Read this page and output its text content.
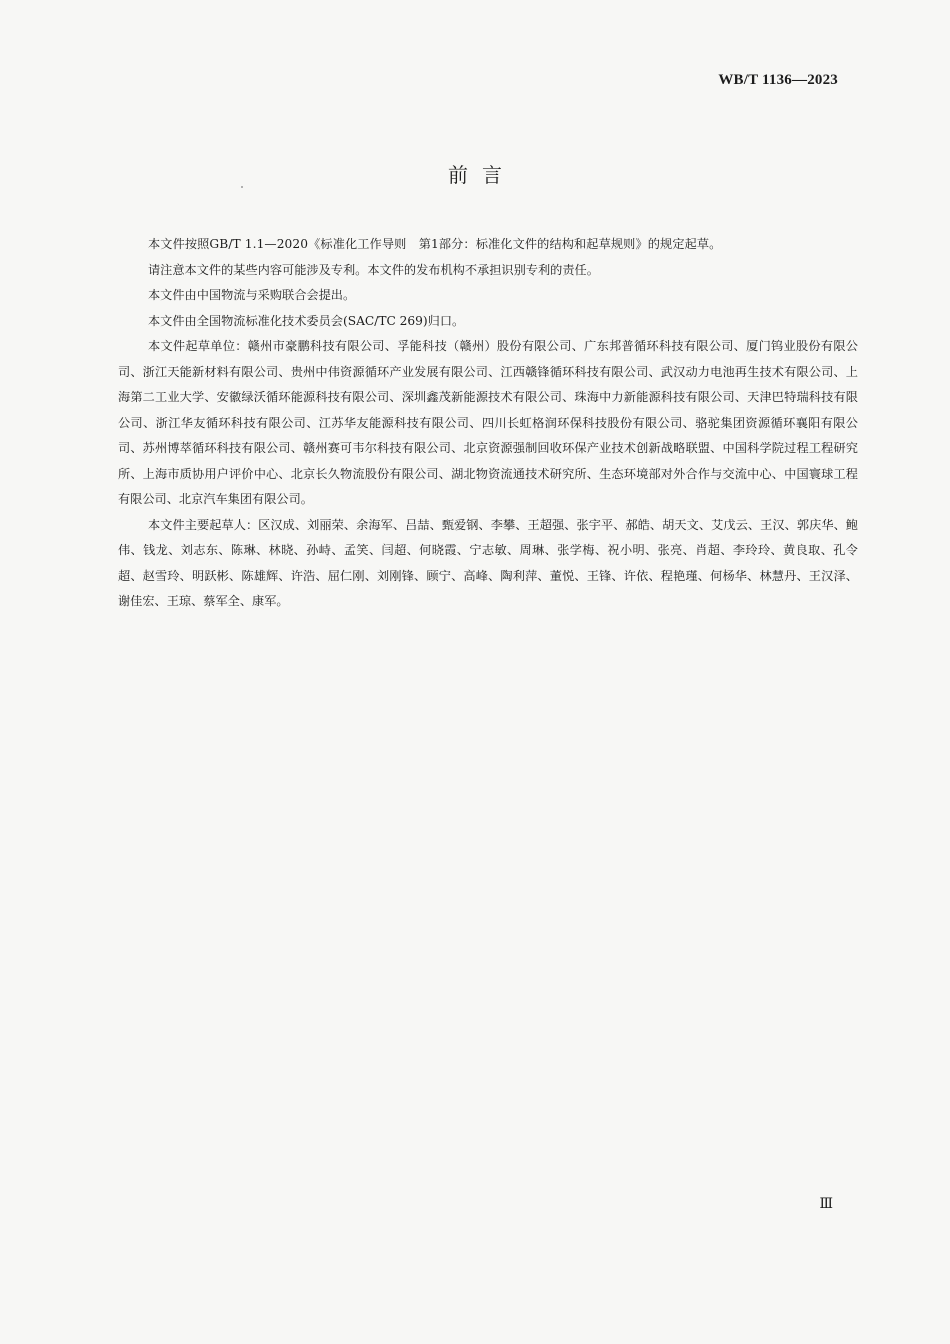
WB/T 1136—2023
前言

本文件按照GB/T 1.1—2020《标准化工作导则　第1部分：标准化文件的结构和起草规则》的规定起草。

请注意本文件的某些内容可能涉及专利。本文件的发布机构不承担识别专利的责任。

本文件由中国物流与采购联合会提出。

本文件由全国物流标准化技术委员会(SAC/TC 269)归口。

本文件起草单位：赣州市豪鹏科技有限公司、孚能科技（赣州）股份有限公司、广东邦普循环科技有限公司、厦门钨业股份有限公司、浙江天能新材料有限公司、贵州中伟资源循环产业发展有限公司、江西赣锋循环科技有限公司、武汉动力电池再生技术有限公司、上海第二工业大学、安徽绿沃循环能源科技有限公司、深圳鑫茂新能源技术有限公司、珠海中力新能源科技有限公司、天津巴特瑞科技有限公司、浙江华友循环科技有限公司、江苏华友能源科技有限公司、四川长虹格润环保科技股份有限公司、骆驼集团资源循环襄阳有限公司、苏州博萃循环科技有限公司、赣州赛可韦尔科技有限公司、北京资源强制回收环保产业技术创新战略联盟、中国科学院过程工程研究所、上海市质协用户评价中心、北京长久物流股份有限公司、湖北物资流通技术研究所、生态环境部对外合作与交流中心、中国寰球工程有限公司、北京汽车集团有限公司。

本文件主要起草人：区汉成、刘丽荣、余海军、吕喆、甄爱钢、李攀、王超强、张宇平、郝皓、胡天文、艾戊云、王汉、郭庆华、鲍伟、钱龙、刘志东、陈琳、林晓、孙峙、孟笑、闫超、何晓霞、宁志敏、周琳、张学梅、祝小明、张亮、肖超、李玲玲、黄良取、孔令超、赵雪玲、明跃彬、陈雄辉、许浩、屈仁刚、刘刚锋、顾宁、高峰、陶利萍、董悦、王锋、许依、程艳瑾、何杨华、林慧丹、王汉泽、谢佳宏、王琼、蔡军全、康军。

Ⅲ
